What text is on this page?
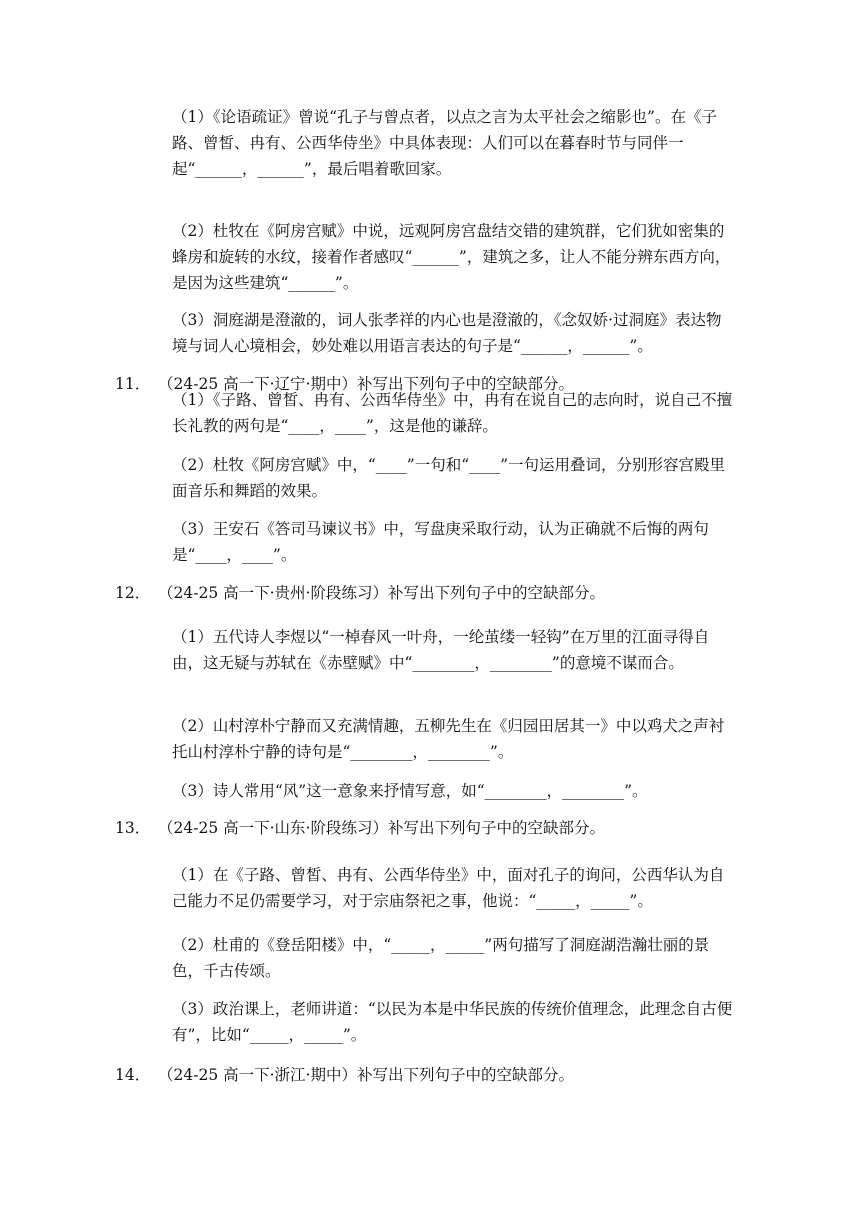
（1）《论语疏证》曾说“孔子与曾点者，以点之言为太平社会之缩影也”。在《子路、曾皙、冉有、公西华侍坐》中具体表现：人们可以在暮春时节与同伴一起“______，______”，最后唱着歌回家。

（2）杜牧在《阿房宫赋》中说，远观阿房宫盘结交错的建筑群，它们犹如密集的蜂房和旋转的水纹，接着作者感叹“______”，建筑之多，让人不能分辨东西方向，是因为这些建筑“______”。

（3）洞庭湖是澄澈的，词人张孝祥的内心也是澄澈的，《念奴娇·过洞庭》表达物境与词人心境相会，妙处难以用语言表达的句子是“______，______”。

11． （24-25 高一下·辽宁·期中）补写出下列句子中的空缺部分。

（1）《子路、曾皙、冉有、公西华侍坐》中，冉有在说自己的志向时，说自己不擅长礼教的两句是“____，____”，这是他的谦辞。

（2）杜牧《阿房宫赋》中，“____”一句和“____”一句运用叠词，分别形容宫殿里面音乐和舞蹈的效果。

（3）王安石《答司马谏议书》中，写盘庚采取行动，认为正确就不后悔的两句是“____，____”。

12． （24-25 高一下·贵州·阶段练习）补写出下列句子中的空缺部分。

（1）五代诗人李煜以“一棹春风一叶舟，一纶茧缕一轻钩”在万里的江面寻得自由，这无疑与苏轼在《赤壁赋》中“________，________”的意境不谋而合。

（2）山村淳朴宁静而又充满情趣，五柳先生在《归园田居其一》中以鸡犬之声衬托山村淳朴宁静的诗句是“________，________”。

（3）诗人常用“风”这一意象来抒情写意，如“________，________”。

13． （24-25 高一下·山东·阶段练习）补写出下列句子中的空缺部分。

（1）在《子路、曾皙、冉有、公西华侍坐》中，面对孔子的询问，公西华认为自己能力不足仍需要学习，对于宗庙祭祀之事，他说：“_____，_____”。

（2）杜甫的《登岳阳楼》中，“_____，_____”两句描写了洞庭湖浩瀚壮丽的景色，千古传颂。

（3）政治课上，老师讲道：“以民为本是中华民族的传统价值理念，此理念自古便有”，比如“_____，_____”。

14． （24-25 高一下·浙江·期中）补写出下列句子中的空缺部分。
